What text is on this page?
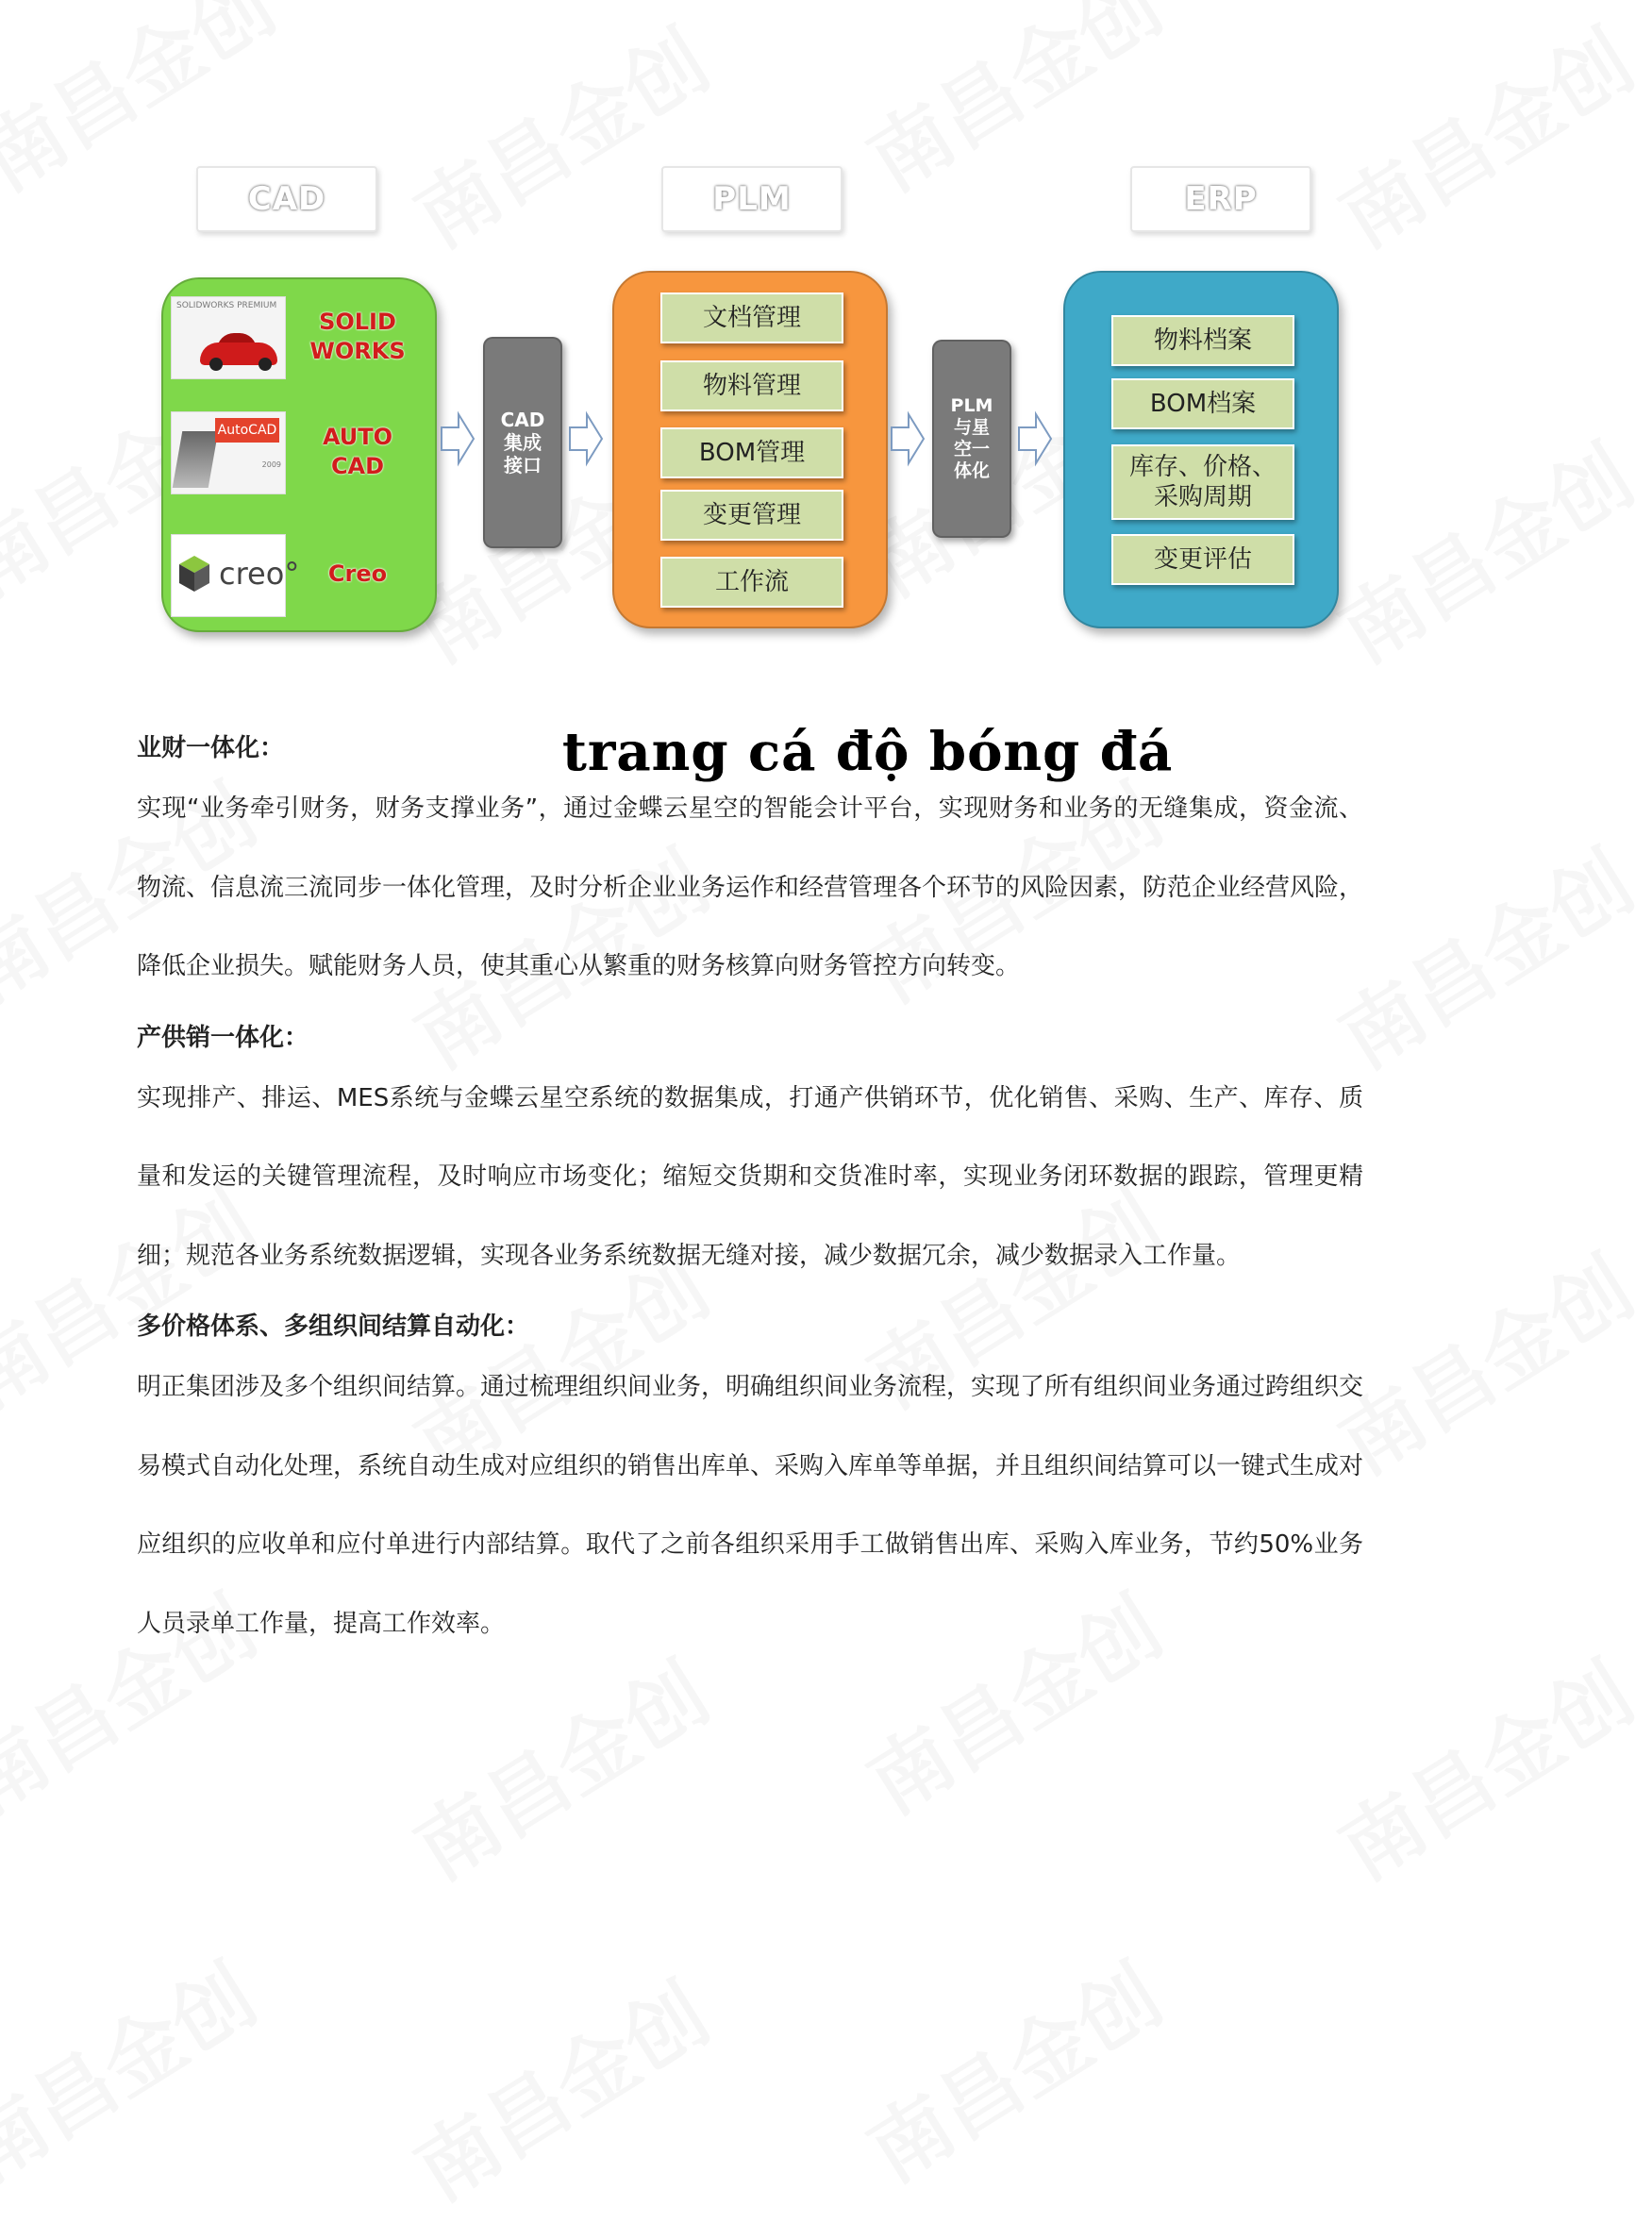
CAD	PLM	ERP
SOLIDWORKS PREMIUM
SOLID
WORKS
AutoCAD
2009
AUTO
CAD
creo°	Creo
CAD
集成
接口
文档管理
物料管理
BOM管理
变更管理
工作流
PLM
与星
空一
体化
物料档案
BOM档案
库存、价格、
采购周期
变更评估
trang cá độ bóng đá
业财一体化：

实现“业务牵引财务，财务支撑业务”，通过金蝶云星空的智能会计平台，实现财务和业务的无缝集成，资金流、物流、信息流三流同步一体化管理，及时分析企业业务运作和经营管理各个环节的风险因素，防范企业经营风险，降低企业损失。赋能财务人员，使其重心从繁重的财务核算向财务管控方向转变。

产供销一体化：

实现排产、排运、MES系统与金蝶云星空系统的数据集成，打通产供销环节，优化销售、采购、生产、库存、质量和发运的关键管理流程，及时响应市场变化；缩短交货期和交货准时率，实现业务闭环数据的跟踪，管理更精细；规范各业务系统数据逻辑，实现各业务系统数据无缝对接，减少数据冗余，减少数据录入工作量。

多价格体系、多组织间结算自动化：

明正集团涉及多个组织间结算。通过梳理组织间业务，明确组织间业务流程，实现了所有组织间业务通过跨组织交易模式自动化处理，系统自动生成对应组织的销售出库单、采购入库单等单据，并且组织间结算可以一键式生成对应组织的应收单和应付单进行内部结算。取代了之前各组织采用手工做销售出库、采购入库业务，节约50%业务人员录单工作量，提高工作效率。
